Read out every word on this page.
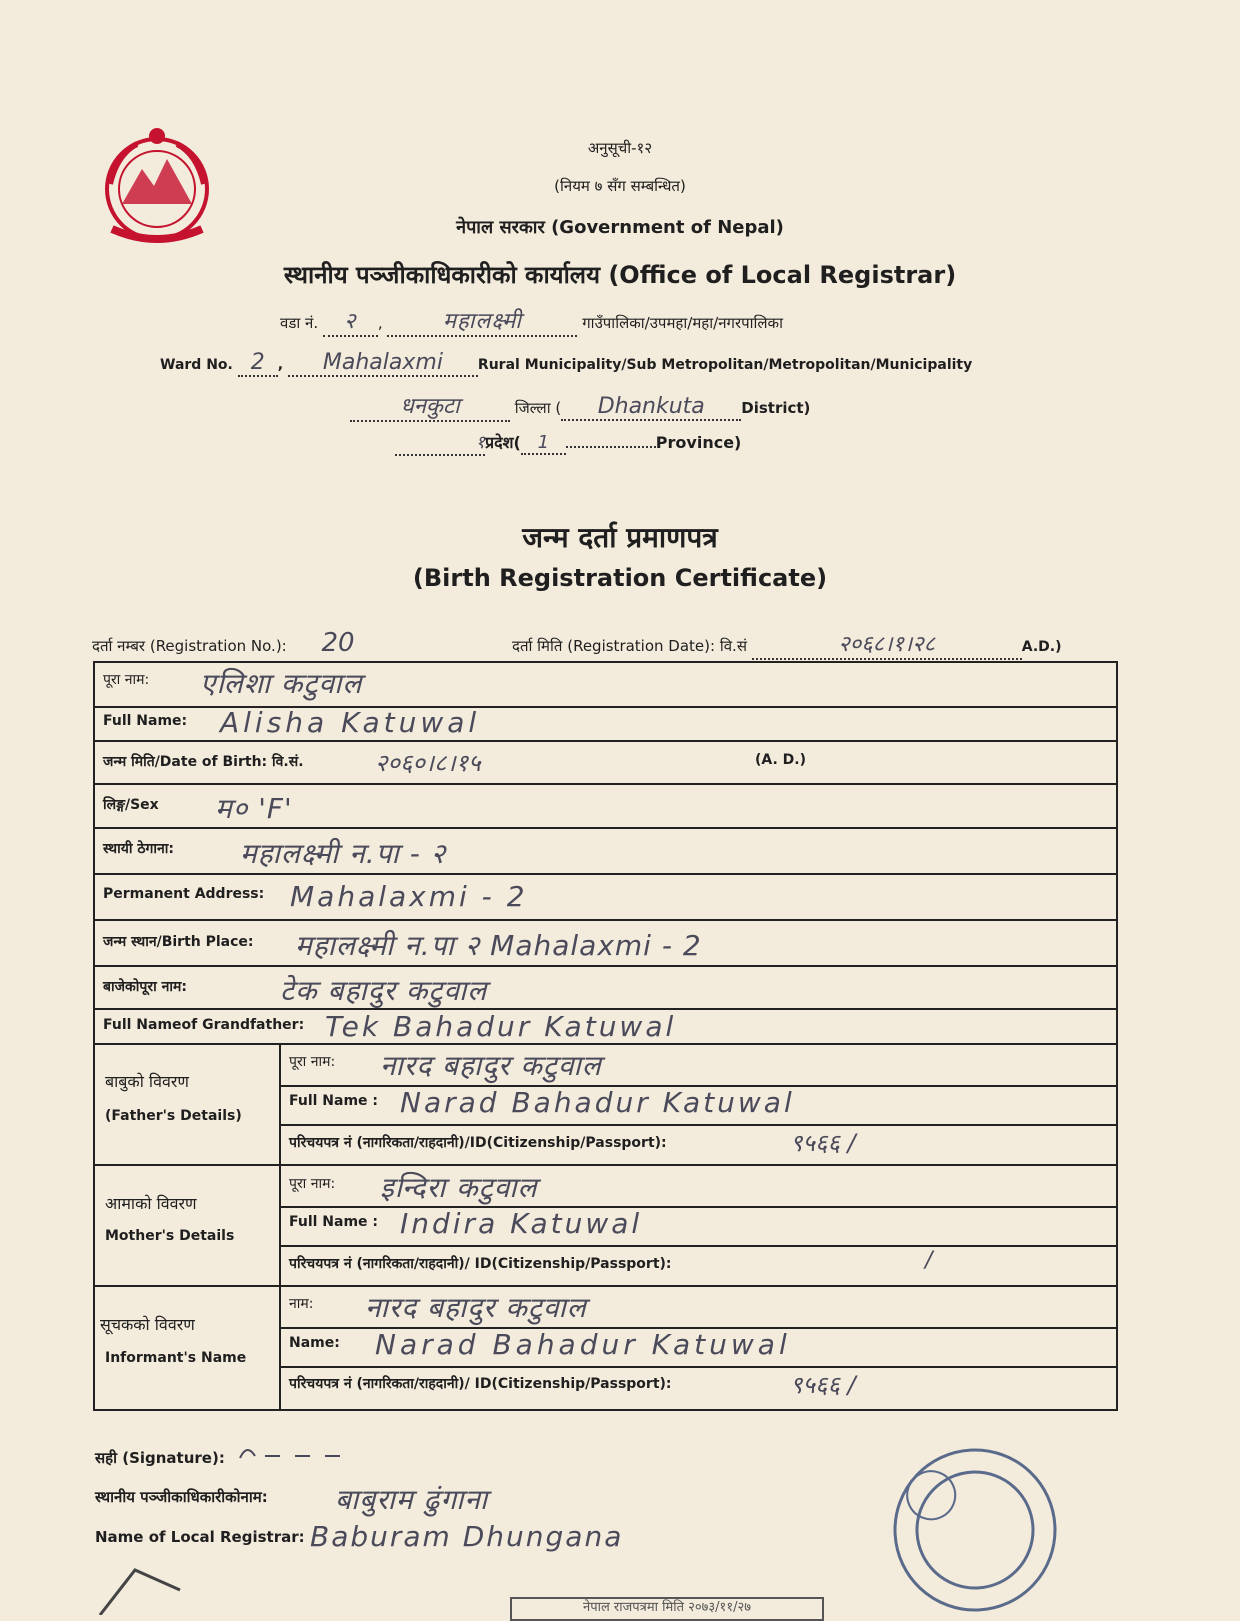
अनुसूची-१२
(नियम ७ सँग सम्बन्धित)
नेपाल सरकार (Government of Nepal)
स्थानीय पञ्जीकाधिकारीको कार्यालय (Office of Local Registrar)
वडा नं. २ ,	महालक्ष्मी	गाउँपालिका/उपमहा/महा/नगरपालिका
Ward No. 2 , Mahalaxmi Rural Municipality/Sub Metropolitan/Metropolitan/Municipality
धनकुटा	जिल्ला ( Dhankuta District)
१प्रदेश( 1	Province)
जन्म दर्ता प्रमाणपत्र
(Birth Registration Certificate)
दर्ता नम्बर (Registration No.): 20	दर्ता मिति (Registration Date): वि.सं	२०६८।१।२८	A.D.)
पूरा नाम: एलिशा कटुवाल
Full Name: Alisha Katuwal
जन्म मिति/Date of Birth: वि.सं.	२०६०।८।१५	(A. D.)
लिङ्ग/Sex म० 'F'
स्थायी ठेगाना: महालक्ष्मी न.पा - २
Permanent Address: Mahalaxmi - 2
जन्म स्थान/Birth Place: महालक्ष्मी न.पा २ Mahalaxmi - 2
बाजेकोपूरा नाम:	टेक बहादुर कटुवाल
Full Nameof Grandfather: Tek Bahadur Katuwal
बाबुको विवरण
(Father's Details)
पूरा नाम: नारद बहादुर कटुवाल
Full Name : Narad Bahadur Katuwal
परिचयपत्र नं (नागरिकता/राहदानी)/ID(Citizenship/Passport):	९५६६ /
आमाको विवरण
Mother's Details
पूरा नाम: इन्दिरा कटुवाल
Full Name : Indira Katuwal
परिचयपत्र नं (नागरिकता/राहदानी)/ ID(Citizenship/Passport):	/
सूचकको विवरण
Informant's Name
नाम: नारद बहादुर कटुवाल
Name: Narad Bahadur Katuwal
परिचयपत्र नं (नागरिकता/राहदानी)/ ID(Citizenship/Passport):	९५६६ /
सही (Signature):
स्थानीय पञ्जीकाधिकारीकोनाम: बाबुराम ढुंगाना
Name of Local Registrar: Baburam Dhungana
नेपाल राजपत्रमा मिति २०७३/११/२७
